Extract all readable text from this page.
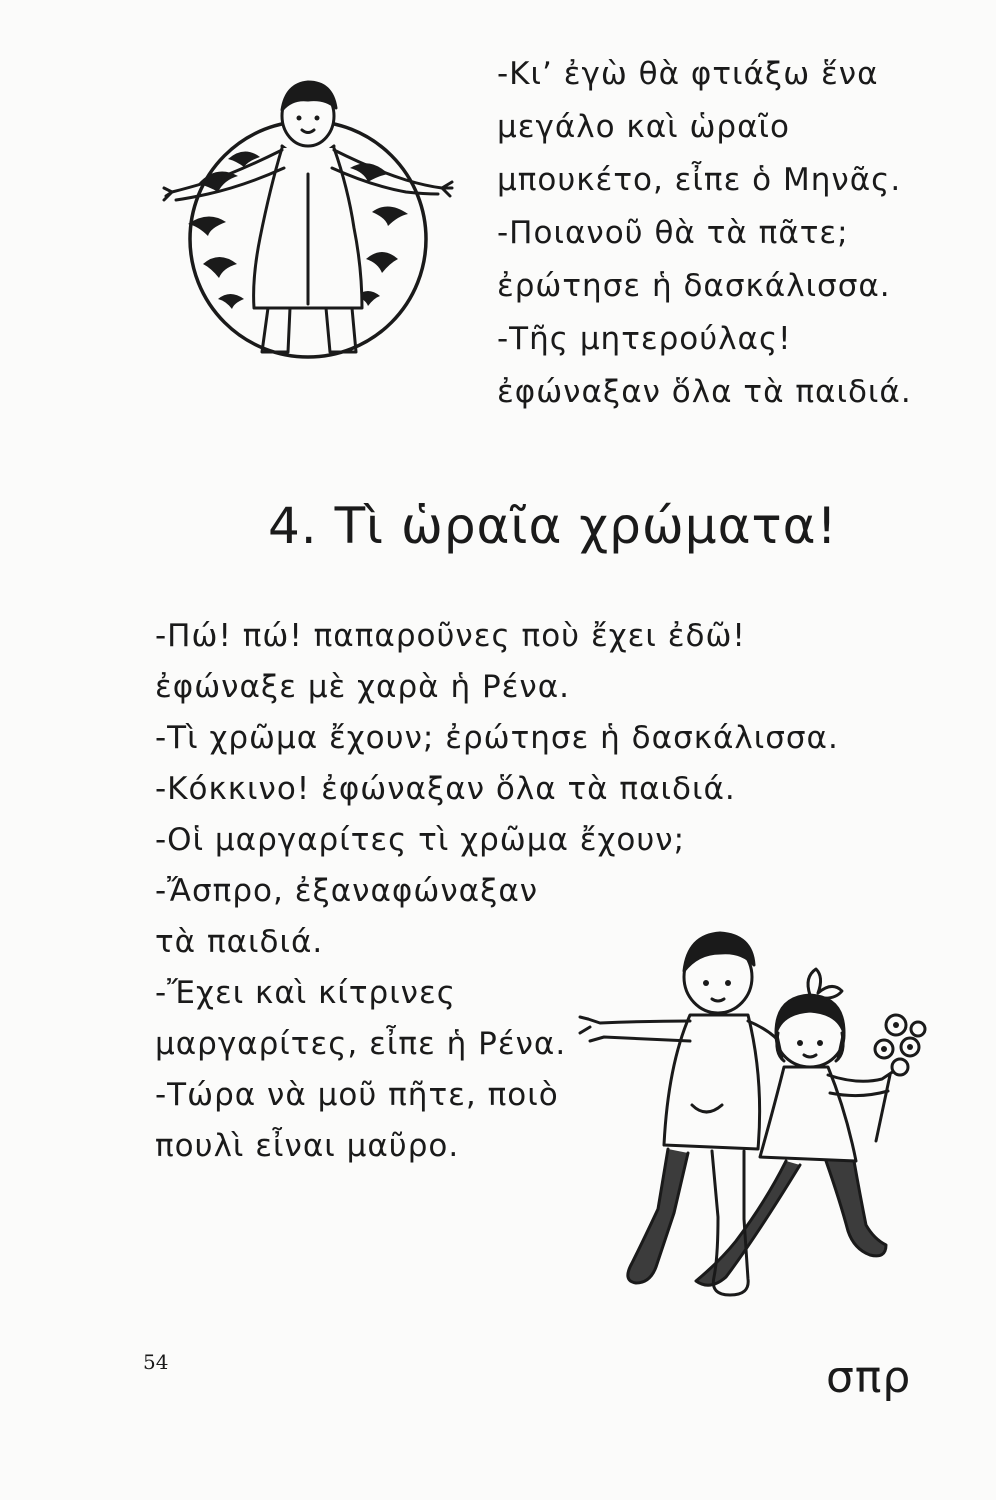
-Κι’ ἐγὼ θὰ φτιάξω ἕνα
μεγάλο καὶ ὡραῖο
μπουκέτο, εἶπε ὁ Μηνᾶς.
-Ποιανοῦ θὰ τὰ πᾶτε;
ἐρώτησε ἡ δασκάλισσα.
-Τῆς μητερούλας!
ἐφώναξαν ὅλα τὰ παιδιά.
4. Τὶ ὡραῖα χρώματα!
-Πώ! πώ! παπαροῦνες ποὺ ἔχει ἐδῶ!
ἐφώναξε μὲ χαρὰ ἡ Ρένα.
-Τὶ χρῶμα ἔχουν; ἐρώτησε ἡ δασκάλισσα.
-Κόκκινο! ἐφώναξαν ὅλα τὰ παιδιά.
-Οἱ μαργαρίτες τὶ χρῶμα ἔχουν;
-Ἄσπρο, ἐξαναφώναξαν
τὰ παιδιά.
-Ἔχει καὶ κίτρινες
μαργαρίτες, εἶπε ἡ Ρένα.
-Τώρα νὰ μοῦ πῆτε, ποιὸ
πουλὶ εἶναι μαῦρο.
54	σπρ
